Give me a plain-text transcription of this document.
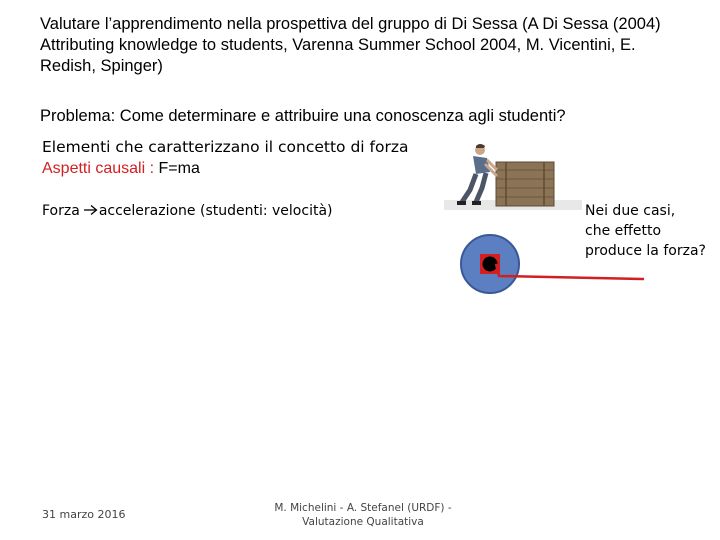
Valutare l’apprendimento nella prospettiva del gruppo di Di Sessa (A Di Sessa (2004) Attributing knowledge to students, Varenna Summer School 2004, M. Vicentini, E. Redish, Spinger)
Problema: Come determinare e attribuire una conoscenza agli studenti?
Elementi che caratterizzano il concetto di forza
Aspetti causali : F=ma
Forza accelerazione (studenti: velocità)	Nei due casi,
che effetto
produce la forza?
31 marzo 2016	M. Michelini - A. Stefanel (URDF) - Valutazione Qualitativa
